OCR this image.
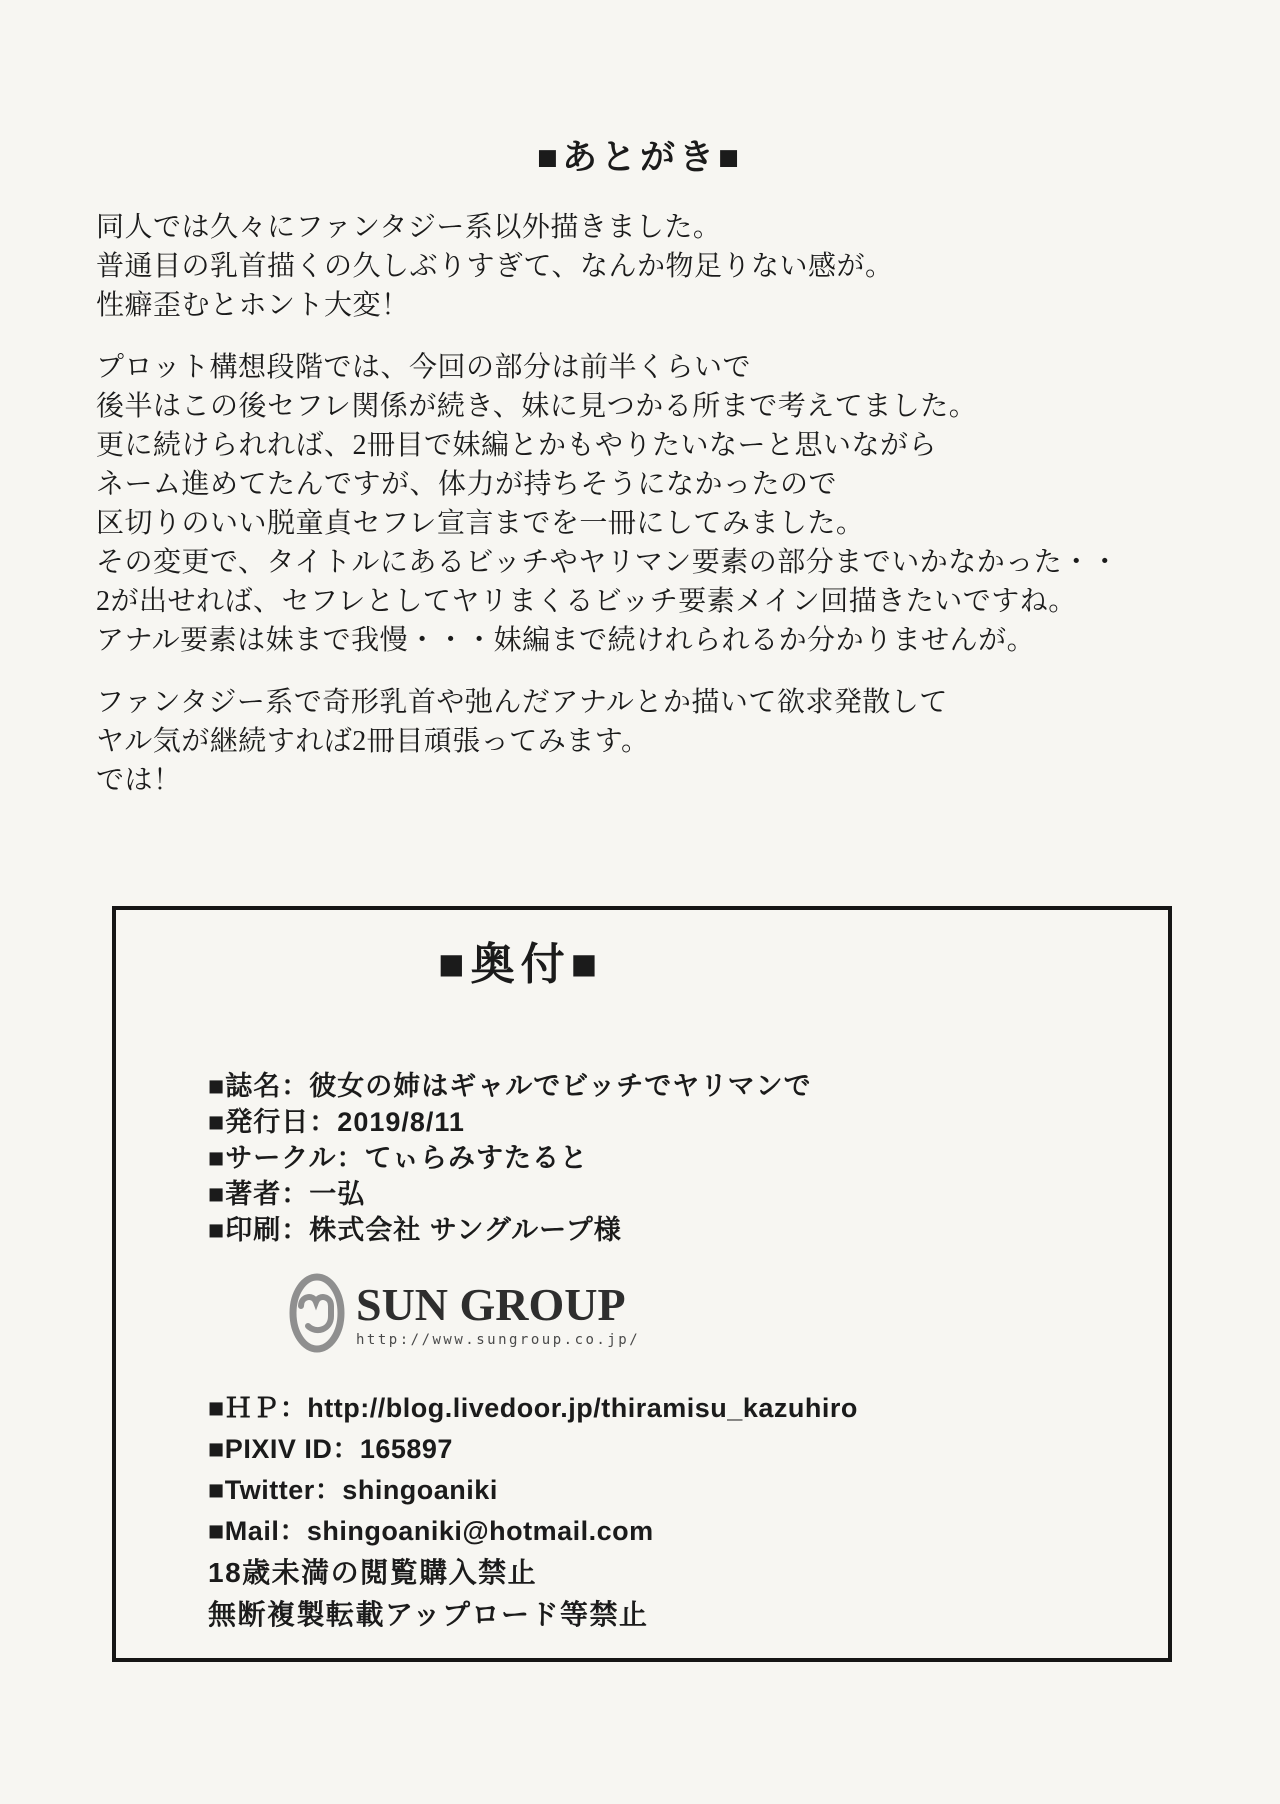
■あとがき■
同人では久々にファンタジー系以外描きました。
普通目の乳首描くの久しぶりすぎて、なんか物足りない感が。
性癖歪むとホント大変！
プロット構想段階では、今回の部分は前半くらいで
後半はこの後セフレ関係が続き、妹に見つかる所まで考えてました。
更に続けられれば、2冊目で妹編とかもやりたいなーと思いながら
ネーム進めてたんですが、体力が持ちそうになかったので
区切りのいい脱童貞セフレ宣言までを一冊にしてみました。
その変更で、タイトルにあるビッチやヤリマン要素の部分までいかなかった・・
2が出せれば、セフレとしてヤリまくるビッチ要素メイン回描きたいですね。
アナル要素は妹まで我慢・・・妹編まで続けれられるか分かりませんが。
ファンタジー系で奇形乳首や弛んだアナルとか描いて欲求発散して
ヤル気が継続すれば2冊目頑張ってみます。
では！
■奥付■
■誌名：彼女の姉はギャルでビッチでヤリマンで
■発行日：2019/8/11
■サークル：てぃらみすたると
■著者：一弘
■印刷：株式会社 サングループ様
SUN GROUP
http://www.sungroup.co.jp/
■ＨＰ：http://blog.livedoor.jp/thiramisu_kazuhiro
■PIXIV ID：165897
■Twitter：shingoaniki
■Mail：shingoaniki@hotmail.com
18歳未満の閲覧購入禁止
無断複製転載アップロード等禁止
